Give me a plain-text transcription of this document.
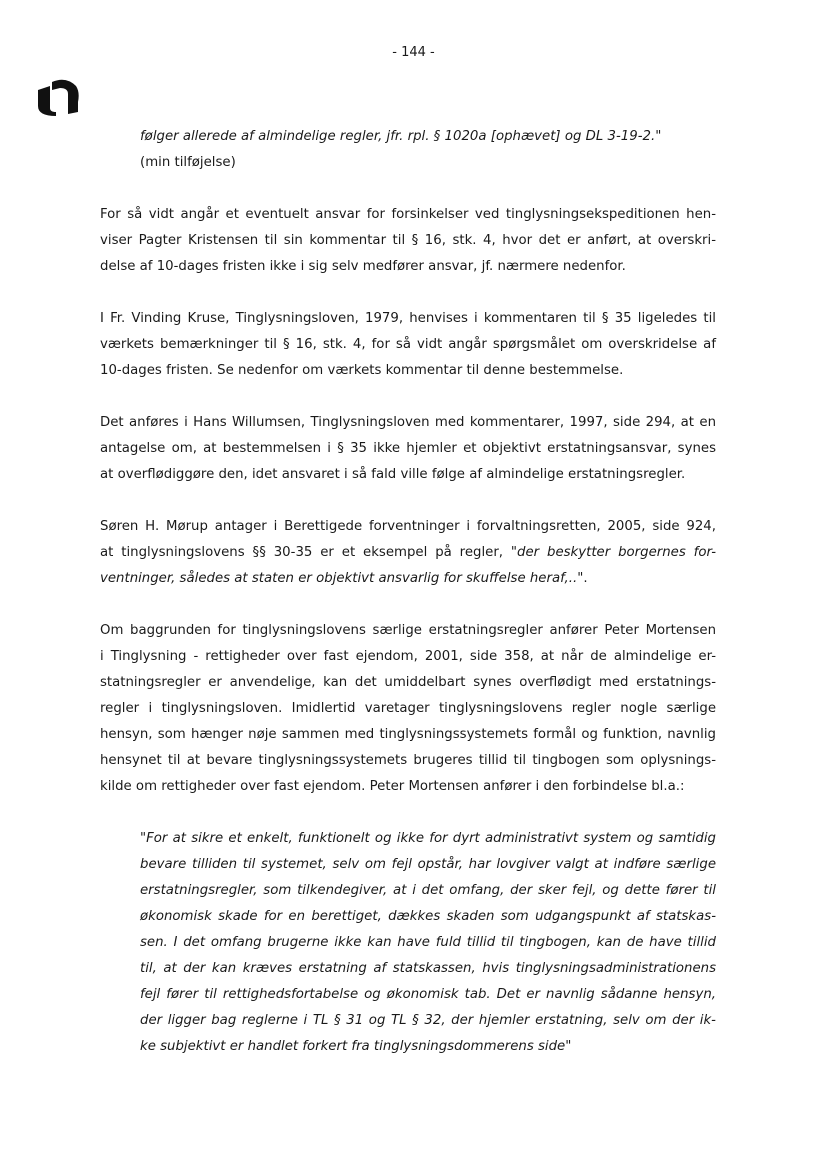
- 144 -

følger allerede af almindelige regler, jfr. rpl. § 1020a [ophævet] og DL 3-19-2."
(min tilføjelse)

For så vidt angår et eventuelt ansvar for forsinkelser ved tinglysningsekspeditionen hen-
viser Pagter Kristensen til sin kommentar til § 16, stk. 4, hvor det er anført, at overskri-
delse af 10-dages fristen ikke i sig selv medfører ansvar, jf. nærmere nedenfor.

I Fr. Vinding Kruse, Tinglysningsloven, 1979, henvises i kommentaren til § 35 ligeledes til
værkets bemærkninger til § 16, stk. 4, for så vidt angår spørgsmålet om overskridelse af
10-dages fristen. Se nedenfor om værkets kommentar til denne bestemmelse.

Det anføres i Hans Willumsen, Tinglysningsloven med kommentarer, 1997, side 294, at en
antagelse om, at bestemmelsen i § 35 ikke hjemler et objektivt erstatningsansvar, synes
at overflødiggøre den, idet ansvaret i så fald ville følge af almindelige erstatningsregler.

Søren H. Mørup antager i Berettigede forventninger i forvaltningsretten, 2005, side 924,
at tinglysningslovens §§ 30-35 er et eksempel på regler, "der beskytter borgernes for-
ventninger, således at staten er objektivt ansvarlig for skuffelse heraf,..".

Om baggrunden for tinglysningslovens særlige erstatningsregler anfører Peter Mortensen
i Tinglysning - rettigheder over fast ejendom, 2001, side 358, at når de almindelige er-
statningsregler er anvendelige, kan det umiddelbart synes overflødigt med erstatnings-
regler i tinglysningsloven. Imidlertid varetager tinglysningslovens regler nogle særlige
hensyn, som hænger nøje sammen med tinglysningssystemets formål og funktion, navnlig
hensynet til at bevare tinglysningssystemets brugeres tillid til tingbogen som oplysnings-
kilde om rettigheder over fast ejendom. Peter Mortensen anfører i den forbindelse bl.a.:

"For at sikre et enkelt, funktionelt og ikke for dyrt administrativt system og samtidig
bevare tilliden til systemet, selv om fejl opstår, har lovgiver valgt at indføre særlige
erstatningsregler, som tilkendegiver, at i det omfang, der sker fejl, og dette fører til
økonomisk skade for en berettiget, dækkes skaden som udgangspunkt af statskas-
sen. I det omfang brugerne ikke kan have fuld tillid til tingbogen, kan de have tillid
til, at der kan kræves erstatning af statskassen, hvis tinglysningsadministrationens
fejl fører til rettighedsfortabelse og økonomisk tab. Det er navnlig sådanne hensyn,
der ligger bag reglerne i TL § 31 og TL § 32, der hjemler erstatning, selv om der ik-
ke subjektivt er handlet forkert fra tinglysningsdommerens side"
